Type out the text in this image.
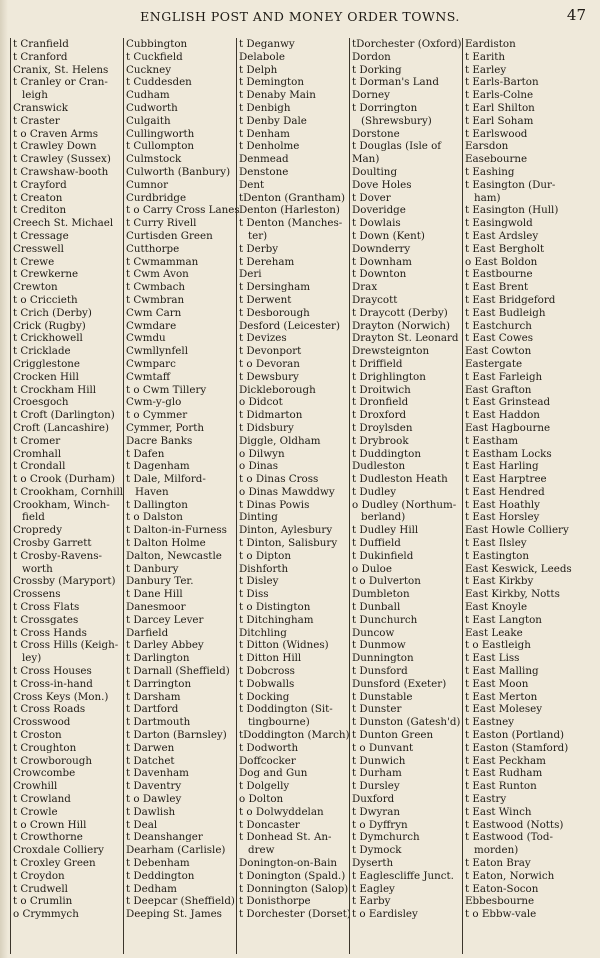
ENGLISH POST AND MONEY ORDER TOWNS.	47
t Cranfield
t Cranford
Cranix, St. Helens
t Cranley or Cran-
leigh
Cranswick
t Craster
t o Craven Arms
t Crawley Down
t Crawley (Sussex)
t Crawshaw-booth
t Crayford
t Creaton
t Crediton
Creech St. Michael
t Cressage
Cresswell
t Crewe
t Crewkerne
Crewton
t o Criccieth
t Crich (Derby)
Crick (Rugby)
t Crickhowell
t Cricklade
Crigglestone
Crocken Hill
t Crockham Hill
Croesgoch
t Croft (Darlington)
Croft (Lancashire)
t Cromer
Cromhall
t Crondall
t o Crook (Durham)
t Crookham, Cornhill
Crookham, Winch-
field
Cropredy
Crosby Garrett
t Crosby-Ravens-
worth
Crossby (Maryport)
Crossens
t Cross Flats
t Crossgates
t Cross Hands
t Cross Hills (Keigh-
ley)
t Cross Houses
t Cross-in-hand
Cross Keys (Mon.)
t Cross Roads
Crosswood
t Croston
t Croughton
t Crowborough
Crowcombe
Crowhill
t Crowland
t Crowle
t o Crown Hill
t Crowthorne
Croxdale Colliery
t Croxley Green
t Croydon
t Crudwell
t o Crumlin
o Crymmych
Cubbington
t Cuckfield
Cuckney
t Cuddesden
Cudham
Cudworth
Culgaith
Cullingworth
t Cullompton
Culmstock
Culworth (Banbury)
Cumnor
Curdbridge
t o Carry Cross Lanes
t Curry Rivell
Curtisden Green
Cutthorpe
t Cwmamman
t Cwm Avon
t Cwmbach
t Cwmbran
Cwm Carn
Cwmdare
Cwmdu
Cwmllynfell
Cwmparc
Cwmtaff
t o Cwm Tillery
Cwm-y-glo
t o Cymmer
Cymmer, Porth
Dacre Banks
t Dafen
t Dagenham
t Dale, Milford-
Haven
t Dallington
t o Dalston
t Dalton-in-Furness
t Dalton Holme
Dalton, Newcastle
t Danbury
Danbury Ter.
t Dane Hill
Danesmoor
t Darcey Lever
Darfield
t Darley Abbey
t Darlington
t Darnall (Sheffield)
t Darrington
t Darsham
t Dartford
t Dartmouth
t Darton (Barnsley)
t Darwen
t Datchet
t Davenham
t Daventry
t o Dawley
t Dawlish
t Deal
t Deanshanger
Dearham (Carlisle)
t Debenham
t Deddington
t Dedham
t Deepcar (Sheffield)
Deeping St. James
t Deganwy
Delabole
t Delph
t Demington
t Denaby Main
t Denbigh
t Denby Dale
t Denham
t Denholme
Denmead
Denstone
Dent
tDenton (Grantham)
Denton (Harleston)
t Denton (Manches-
ter)
t Derby
t Dereham
Deri
t Dersingham
t Derwent
t Desborough
Desford (Leicester)
t Devizes
t Devonport
t o Devoran
t Dewsbury
Dickleborough
o Didcot
t Didmarton
t Didsbury
Diggle, Oldham
o Dilwyn
o Dinas
t o Dinas Cross
o Dinas Mawddwy
t Dinas Powis
Dinting
Dinton, Aylesbury
t Dinton, Salisbury
t o Dipton
Dishforth
t Disley
t Diss
t o Distington
t Ditchingham
Ditchling
t Ditton (Widnes)
t Ditton Hill
t Dobcross
t Dobwalls
t Docking
t Doddington (Sit-
tingbourne)
tDoddington (March)
t Dodworth
Doffcocker
Dog and Gun
t Dolgelly
o Dolton
t o Dolwyddelan
t Doncaster
t Donhead St. An-
drew
Donington-on-Bain
t Donington (Spald.)
t Donnington (Salop)
t Donisthorpe
t Dorchester (Dorset)
tDorchester (Oxford)
Dordon
t Dorking
t Dorman's Land
Dorney
t Dorrington
(Shrewsbury)
Dorstone
t Douglas (Isle of
Man)
Doulting
Dove Holes
t Dover
Doveridge
t Dowlais
t Down (Kent)
Downderry
t Downham
t Downton
Drax
Draycott
t Draycott (Derby)
Drayton (Norwich)
Drayton St. Leonard
Drewsteignton
t Driffield
t Drighlington
t Droitwich
t Dronfield
t Droxford
t Droylsden
t Drybrook
t Duddington
Dudleston
t Dudleston Heath
t Dudley
o Dudley (Northum-
berland)
t Dudley Hill
t Duffield
t Dukinfield
o Duloe
t o Dulverton
Dumbleton
t Dunball
t Dunchurch
Duncow
t Dunmow
Dunnington
t Dunsford
Dunsford (Exeter)
t Dunstable
t Dunster
t Dunston (Gatesh'd)
t Dunton Green
t o Dunvant
t Dunwich
t Durham
t Dursley
Duxford
t Dwyran
t o Dyffryn
t Dymchurch
t Dymock
Dyserth
t Eaglescliffe Junct.
t Eagley
t Earby
t o Eardisley
Eardiston
t Earith
t Earley
t Earls-Barton
t Earls-Colne
t Earl Shilton
t Earl Soham
t Earlswood
Earsdon
Easebourne
t Eashing
t Easington (Dur-
ham)
t Easington (Hull)
t Easingwold
t East Ardsley
t East Bergholt
o East Boldon
t Eastbourne
t East Brent
t East Bridgeford
t East Budleigh
t Eastchurch
t East Cowes
East Cowton
Eastergate
t East Farleigh
East Grafton
t East Grinstead
t East Haddon
East Hagbourne
t Eastham
t Eastham Locks
t East Harling
t East Harptree
t East Hendred
t East Hoathly
t East Horsley
East Howle Colliery
t East Ilsley
t Eastington
East Keswick, Leeds
t East Kirkby
East Kirkby, Notts
East Knoyle
t East Langton
East Leake
t o Eastleigh
t East Liss
t East Malling
t East Moon
t East Merton
t East Molesey
t Eastney
t Easton (Portland)
t Easton (Stamford)
t East Peckham
t East Rudham
t East Runton
t Eastry
t East Winch
t Eastwood (Notts)
t Eastwood (Tod-
morden)
t Eaton Bray
t Eaton, Norwich
t Eaton-Socon
Ebbesbourne
t o Ebbw-vale
